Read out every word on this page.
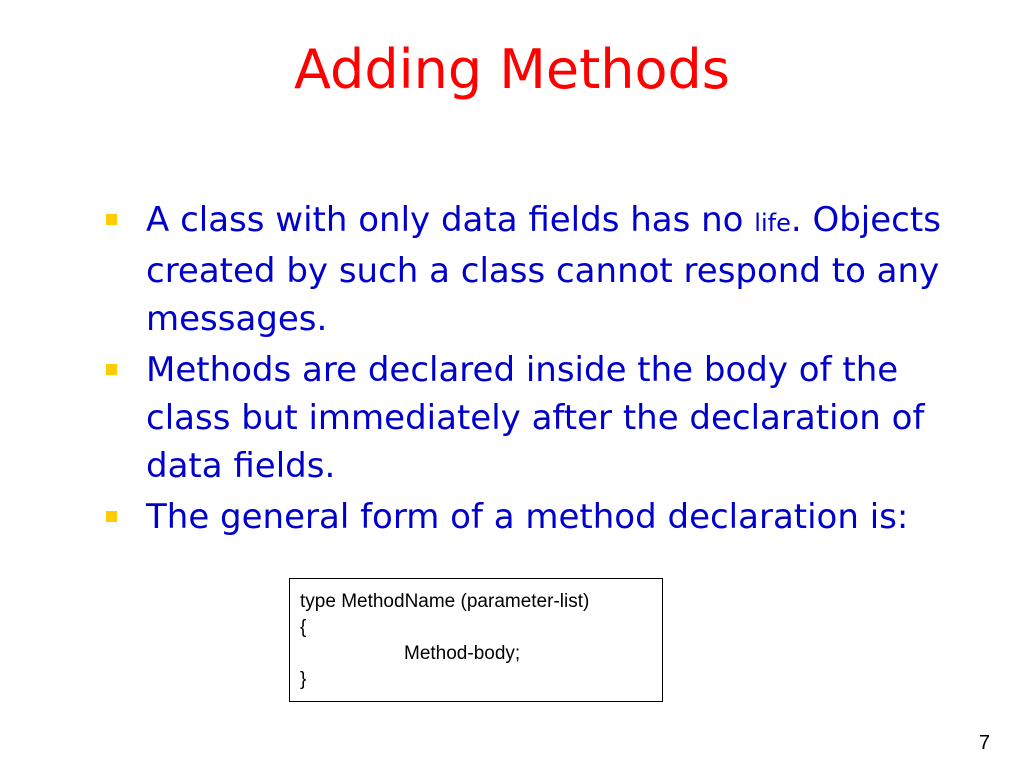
Adding Methods
A class with only data fields has no life. Objects created by such a class cannot respond to any messages.
Methods are declared inside the body of the class but immediately after the declaration of data fields.
The general form of a method declaration is:
type MethodName (parameter-list)
{
Method-body;
}
7
